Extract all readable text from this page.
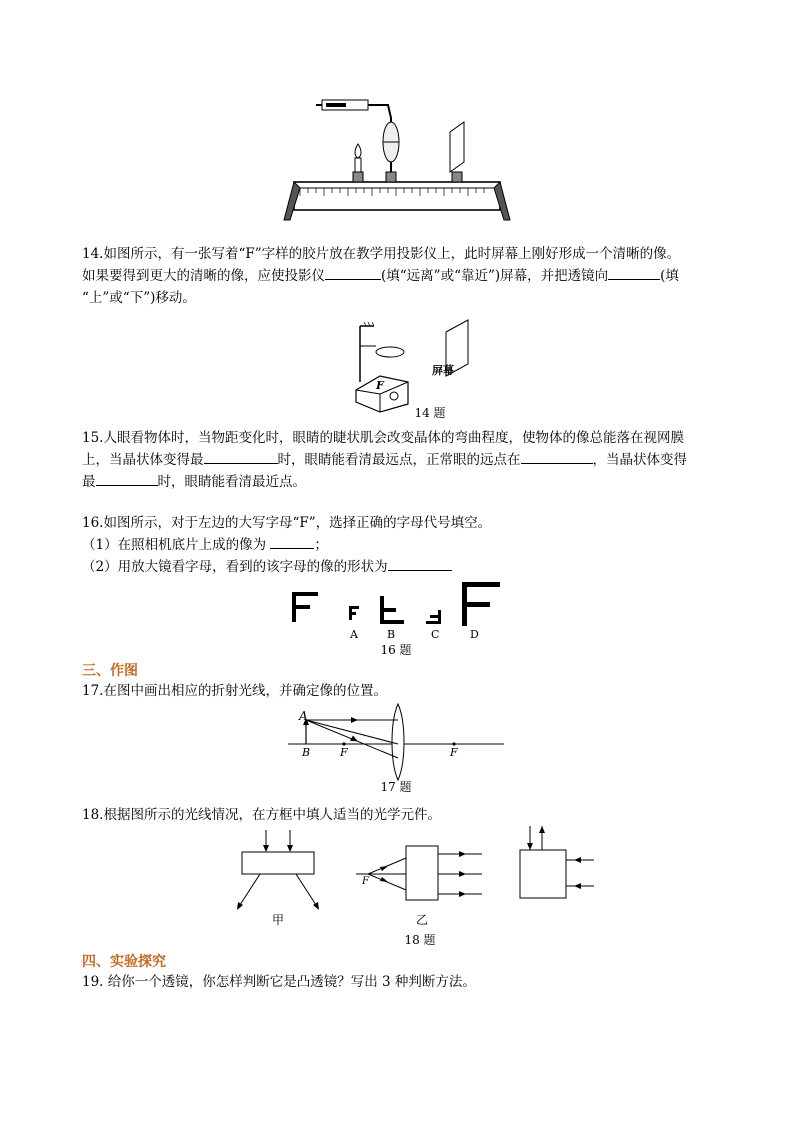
14.如图所示，有一张写着“F”字样的胶片放在教学用投影仪上，此时屏幕上刚好形成一个清晰的像。
如果要得到更大的清晰的像，应使投影仪	(填“远离”或“靠近”)屏幕，并把透镜向	(填
“上”或“下”)移动。
F
屏幕
14 题
15.人眼看物体时，当物距变化时，眼睛的睫状肌会改变晶体的弯曲程度，使物体的像总能落在视网膜
上，当晶状体变得最	时，眼睛能看清最远点，正常眼的远点在	，当晶状体变得
最	时，眼睛能看清最近点。
16.如图所示，对于左边的大写字母“F”，选择正确的字母代号填空。
（1）在照相机底片上成的像为	；
（2）用放大镜看字母，看到的该字母的像的形状为
A	B	C	D
16 题
三、作图
17.在图中画出相应的折射光线，并确定像的位置。
A
B	F	F
17 题
18.根据图所示的光线情况，在方框中填人适当的光学元件。
甲
F
乙
18 题
四、实验探究
19. 给你一个透镜，你怎样判断它是凸透镜？写出 3 种判断方法。
